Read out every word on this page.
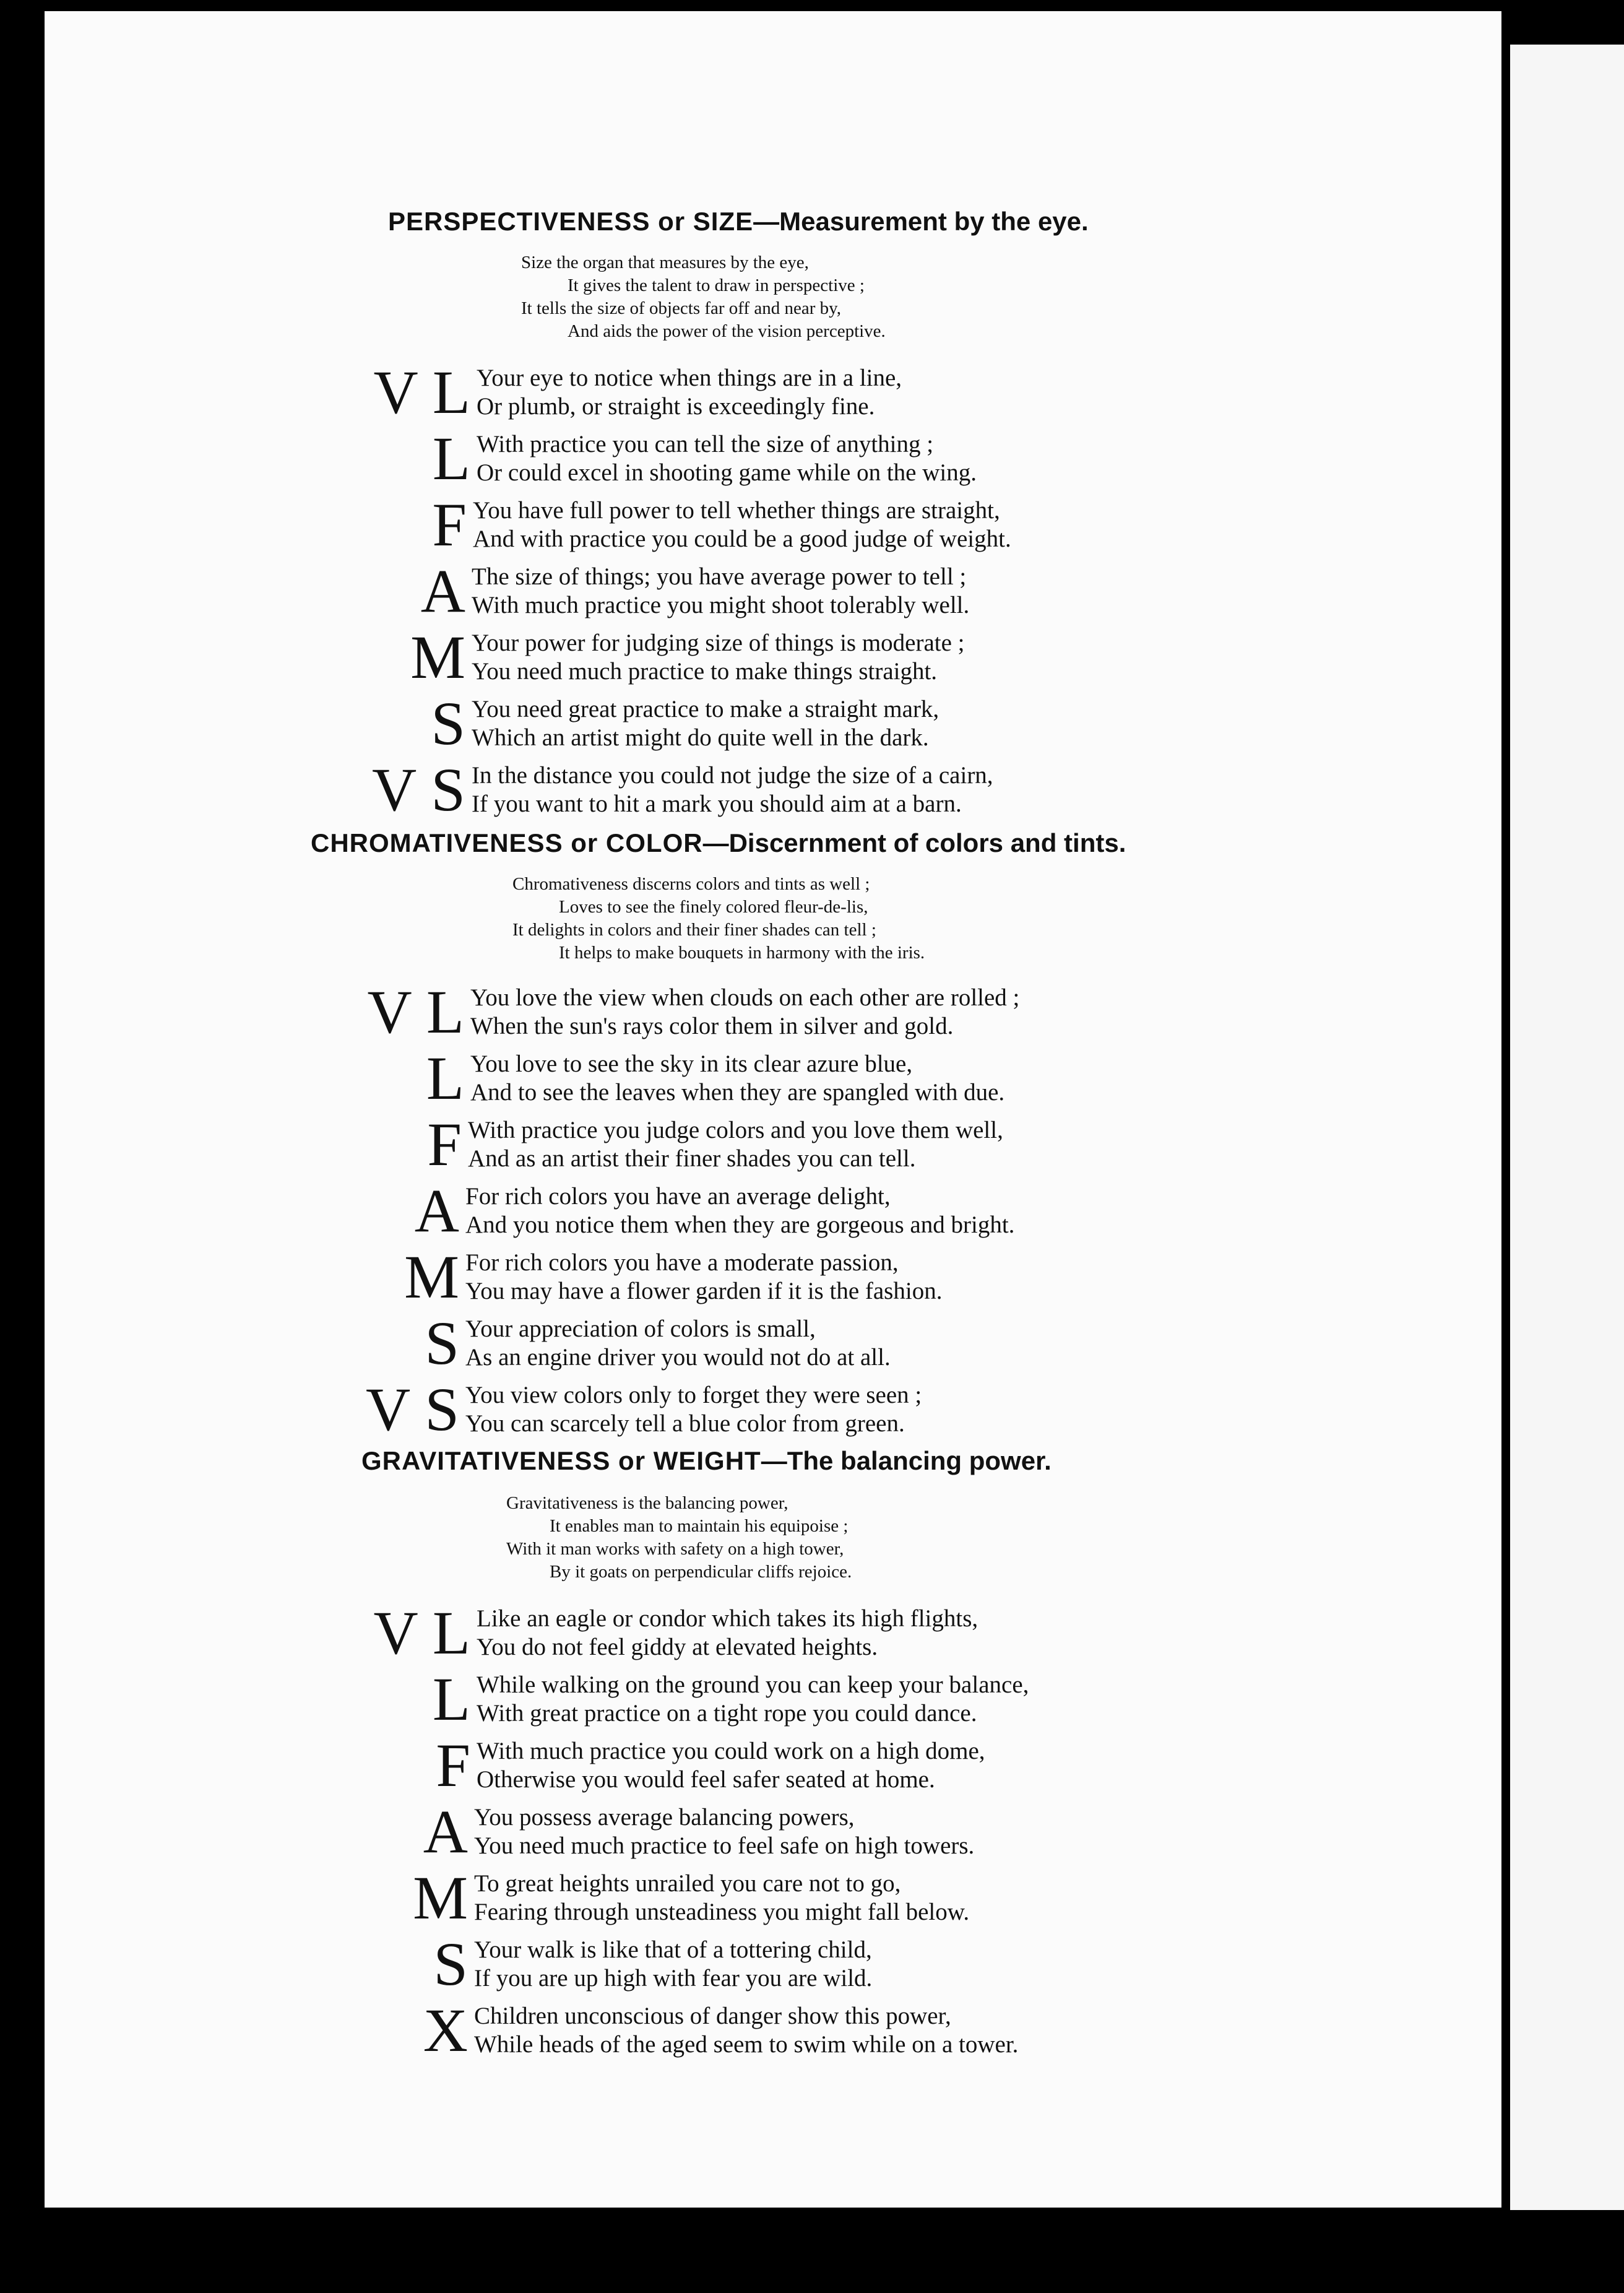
PERSPECTIVENESS or SIZE—Measurement by the eye.
Size the organ that measures by the eye,
It gives the talent to draw in perspective ;
It tells the size of objects far off and near by,
And aids the power of the vision perceptive.
V L Your eye to notice when things are in a line,
Or plumb, or straight is exceedingly fine.
L With practice you can tell the size of anything ;
Or could excel in shooting game while on the wing.
F You have full power to tell whether things are straight,
And with practice you could be a good judge of weight.
A The size of things; you have average power to tell ;
With much practice you might shoot tolerably well.
M Your power for judging size of things is moderate ;
You need much practice to make things straight.
S You need great practice to make a straight mark,
Which an artist might do quite well in the dark.
V S In the distance you could not judge the size of a cairn,
If you want to hit a mark you should aim at a barn.
CHROMATIVENESS or COLOR—Discernment of colors and tints.
Chromativeness discerns colors and tints as well ;
Loves to see the finely colored fleur-de-lis,
It delights in colors and their finer shades can tell ;
It helps to make bouquets in harmony with the iris.
V L You love the view when clouds on each other are rolled ;
When the sun's rays color them in silver and gold.
L You love to see the sky in its clear azure blue,
And to see the leaves when they are spangled with due.
F With practice you judge colors and you love them well,
And as an artist their finer shades you can tell.
A For rich colors you have an average delight,
And you notice them when they are gorgeous and bright.
M For rich colors you have a moderate passion,
You may have a flower garden if it is the fashion.
S Your appreciation of colors is small,
As an engine driver you would not do at all.
V S You view colors only to forget they were seen ;
You can scarcely tell a blue color from green.
GRAVITATIVENESS or WEIGHT—The balancing power.
Gravitativeness is the balancing power,
It enables man to maintain his equipoise ;
With it man works with safety on a high tower,
By it goats on perpendicular cliffs rejoice.
V L Like an eagle or condor which takes its high flights,
You do not feel giddy at elevated heights.
L While walking on the ground you can keep your balance,
With great practice on a tight rope you could dance.
F With much practice you could work on a high dome,
Otherwise you would feel safer seated at home.
A You possess average balancing powers,
You need much practice to feel safe on high towers.
M To great heights unrailed you care not to go,
Fearing through unsteadiness you might fall below.
S Your walk is like that of a tottering child,
If you are up high with fear you are wild.
X Children unconscious of danger show this power,
While heads of the aged seem to swim while on a tower.
